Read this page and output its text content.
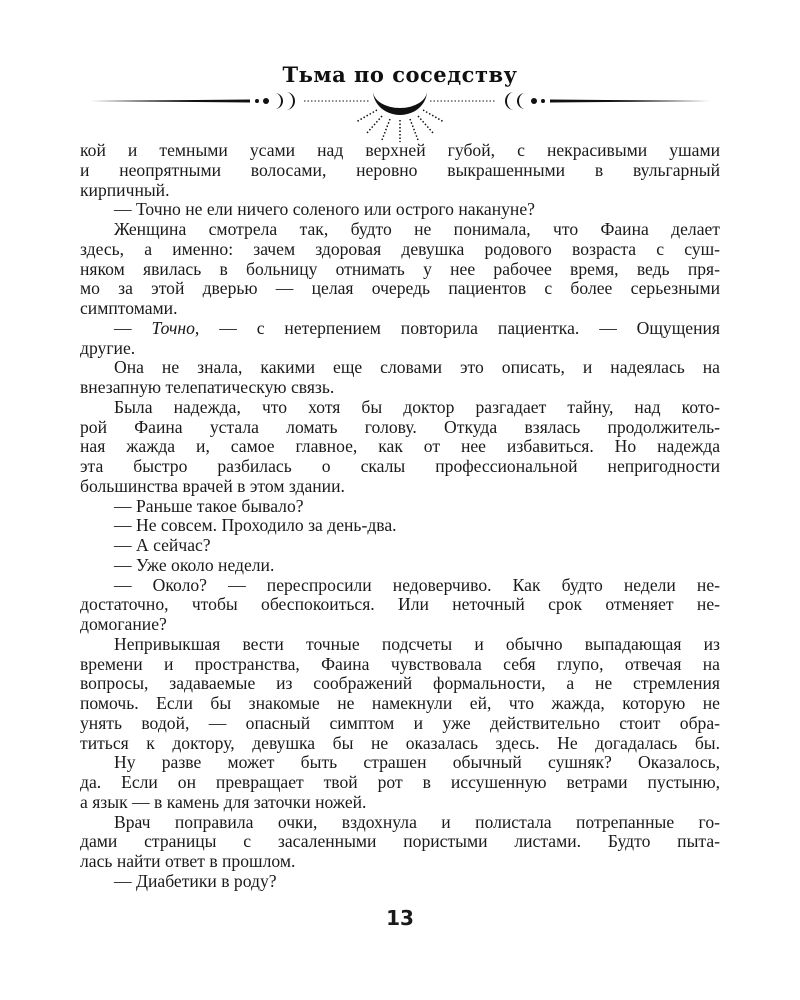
Тьма по соседству
кой и темными усами над верхней губой, с некрасивыми ушами
и неопрятными волосами, неровно выкрашенными в вульгарный
кирпичный.
— Точно не ели ничего соленого или острого накануне?
Женщина смотрела так, будто не понимала, что Фаина делает
здесь, а именно: зачем здоровая девушка родового возраста с суш-
няком явилась в больницу отнимать у нее рабочее время, ведь пря-
мо за этой дверью — целая очередь пациентов с более серьезными
симптомами.
— Точно, — с нетерпением повторила пациентка. — Ощущения
другие.
Она не знала, какими еще словами это описать, и надеялась на
внезапную телепатическую связь.
Была надежда, что хотя бы доктор разгадает тайну, над кото-
рой Фаина устала ломать голову. Откуда взялась продолжитель-
ная жажда и, самое главное, как от нее избавиться. Но надежда
эта быстро разбилась о скалы профессиональной непригодности
большинства врачей в этом здании.
— Раньше такое бывало?
— Не совсем. Проходило за день-два.
— А сейчас?
— Уже около недели.
— Около? — переспросили недоверчиво. Как будто недели не-
достаточно, чтобы обеспокоиться. Или неточный срок отменяет не-
домогание?
Непривыкшая вести точные подсчеты и обычно выпадающая из
времени и пространства, Фаина чувствовала себя глупо, отвечая на
вопросы, задаваемые из соображений формальности, а не стремления
помочь. Если бы знакомые не намекнули ей, что жажда, которую не
унять водой, — опасный симптом и уже действительно стоит обра-
титься к доктору, девушка бы не оказалась здесь. Не догадалась бы.
Ну разве может быть страшен обычный сушняк? Оказалось,
да. Если он превращает твой рот в иссушенную ветрами пустыню,
а язык — в камень для заточки ножей.
Врач поправила очки, вздохнула и полистала потрепанные го-
дами страницы с засаленными пористыми листами. Будто пыта-
лась найти ответ в прошлом.
— Диабетики в роду?
13
